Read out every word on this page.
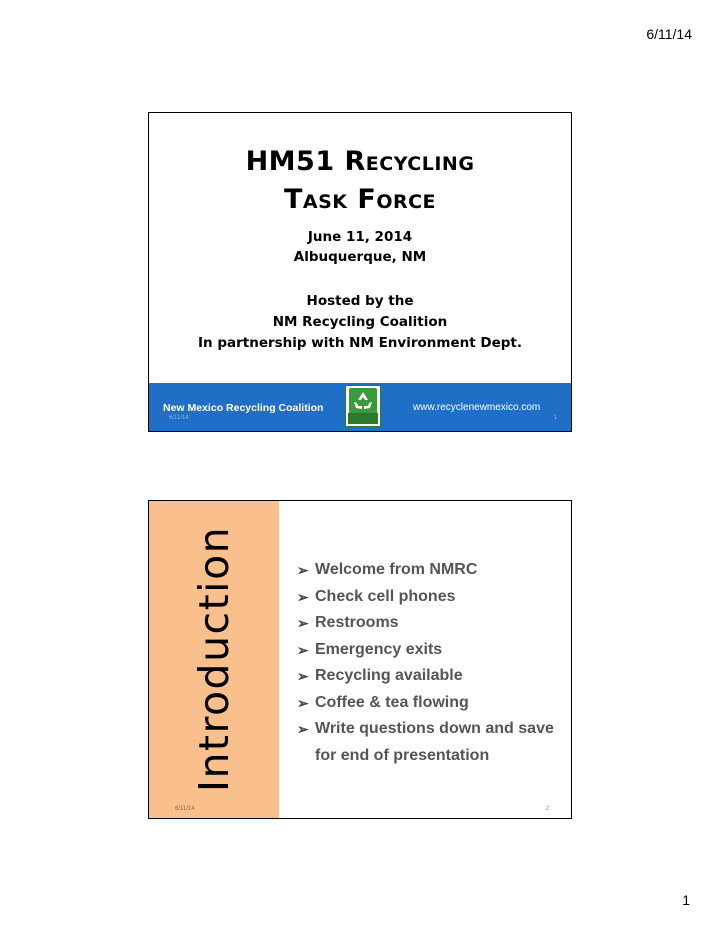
6/11/14
HM51 Recycling
Task Force
June 11, 2014
Albuquerque, NM
Hosted by the
NM Recycling Coalition
In partnership with NM Environment Dept.
New Mexico Recycling Coalition	www.recyclenewmexico.com
6/11/14	1
Introduction	➢ Welcome from NMRC
➢ Check cell phones
➢ Restrooms
➢ Emergency exits
➢ Recycling available
➢ Coffee & tea flowing
➢ Write questions down and save for end of presentation
6/11/14	2
1
